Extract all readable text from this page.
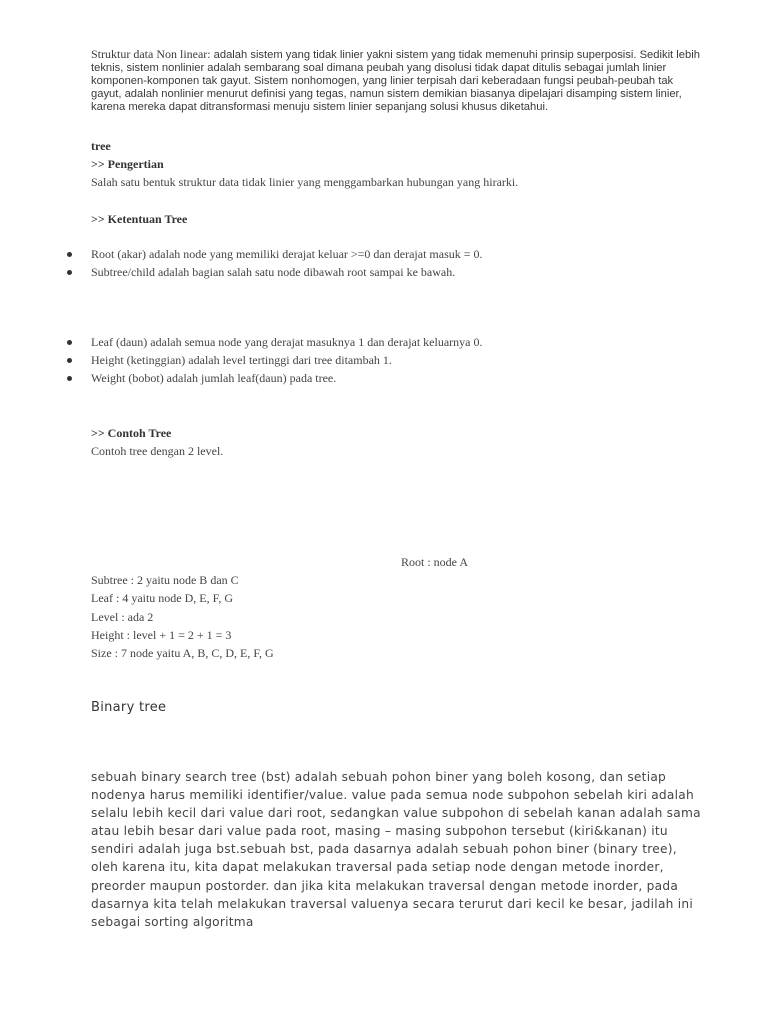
Struktur data Non linear: adalah sistem yang tidak linier yakni sistem yang tidak memenuhi prinsip superposisi. Sedikit lebih teknis, sistem nonlinier adalah sembarang soal dimana peubah yang disolusi tidak dapat ditulis sebagai jumlah linier komponen-komponen tak gayut. Sistem nonhomogen, yang linier terpisah dari keberadaan fungsi peubah-peubah tak gayut, adalah nonlinier menurut definisi yang tegas, namun sistem demikian biasanya dipelajari disamping sistem linier, karena mereka dapat ditransformasi menuju sistem linier sepanjang solusi khusus diketahui.

tree
>> Pengertian
Salah satu bentuk struktur data tidak linier yang menggambarkan hubungan yang hirarki.
>> Ketentuan Tree
Root (akar) adalah node yang memiliki derajat keluar >=0 dan derajat masuk = 0.
Subtree/child adalah bagian salah satu node dibawah root sampai ke bawah.
Leaf (daun) adalah semua node yang derajat masuknya 1 dan derajat keluarnya 0.
Height (ketinggian) adalah level tertinggi dari tree ditambah 1.
Weight (bobot) adalah jumlah leaf(daun) pada tree.
>> Contoh Tree
Contoh tree dengan 2 level.
Root : node A
Subtree : 2 yaitu node B dan C
Leaf : 4 yaitu node D, E, F, G
Level : ada 2
Height : level + 1 = 2 + 1 = 3
Size : 7 node yaitu A, B, C, D, E, F, G
Binary tree

sebuah binary search tree (bst) adalah sebuah pohon biner yang boleh kosong, dan setiap nodenya harus memiliki identifier/value. value pada semua node subpohon sebelah kiri adalah selalu lebih kecil dari value dari root, sedangkan value subpohon di sebelah kanan adalah sama atau lebih besar dari value pada root, masing – masing subpohon tersebut (kiri&kanan) itu sendiri adalah juga bst.sebuah bst, pada dasarnya adalah sebuah pohon biner (binary tree), oleh karena itu, kita dapat melakukan traversal pada setiap node dengan metode inorder, preorder maupun postorder. dan jika kita melakukan traversal dengan metode inorder, pada dasarnya kita telah melakukan traversal valuenya secara terurut dari kecil ke besar, jadilah ini sebagai sorting algoritma
